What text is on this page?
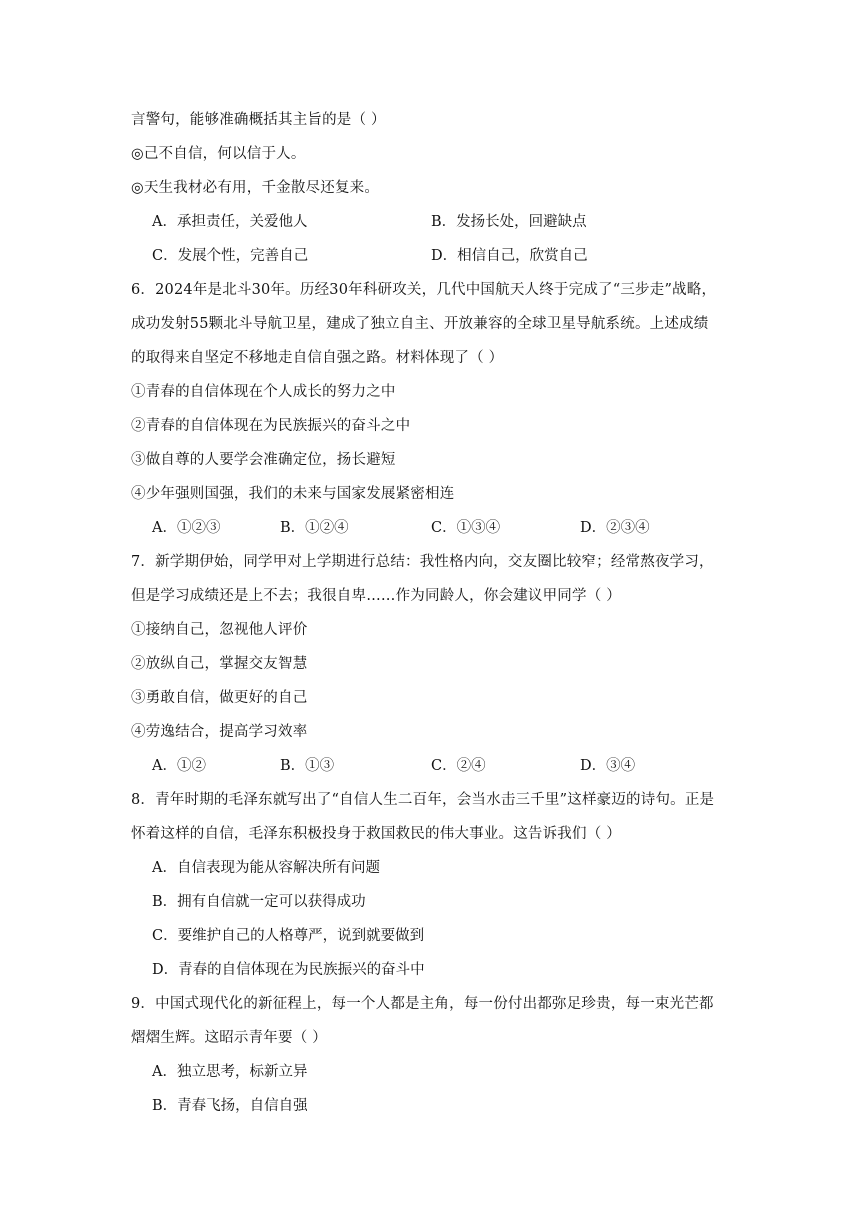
言警句，能够准确概括其主旨的是（ ）
◎己不自信，何以信于人。
◎天生我材必有用，千金散尽还复来。
A．承担责任，关爱他人	B．发扬长处，回避缺点
C．发展个性，完善自己	D．相信自己，欣赏自己
6．2024年是北斗30年。历经30年科研攻关，几代中国航天人终于完成了“三步走”战略，
成功发射55颗北斗导航卫星，建成了独立自主、开放兼容的全球卫星导航系统。上述成绩
的取得来自坚定不移地走自信自强之路。材料体现了（ ）
①青春的自信体现在个人成长的努力之中
②青春的自信体现在为民族振兴的奋斗之中
③做自尊的人要学会准确定位，扬长避短
④少年强则国强，我们的未来与国家发展紧密相连
A．①②③	B．①②④	C．①③④	D．②③④
7．新学期伊始，同学甲对上学期进行总结：我性格内向，交友圈比较窄；经常熬夜学习，
但是学习成绩还是上不去；我很自卑……作为同龄人，你会建议甲同学（ ）
①接纳自己，忽视他人评价
②放纵自己，掌握交友智慧
③勇敢自信，做更好的自己
④劳逸结合，提高学习效率
A．①②	B．①③	C．②④	D．③④
8．青年时期的毛泽东就写出了“自信人生二百年，会当水击三千里”这样豪迈的诗句。正是
怀着这样的自信，毛泽东积极投身于救国救民的伟大事业。这告诉我们（ ）
A．自信表现为能从容解决所有问题
B．拥有自信就一定可以获得成功
C．要维护自己的人格尊严，说到就要做到
D．青春的自信体现在为民族振兴的奋斗中
9．中国式现代化的新征程上，每一个人都是主角，每一份付出都弥足珍贵，每一束光芒都
熠熠生辉。这昭示青年要（ ）
A．独立思考，标新立异
B．青春飞扬，自信自强
